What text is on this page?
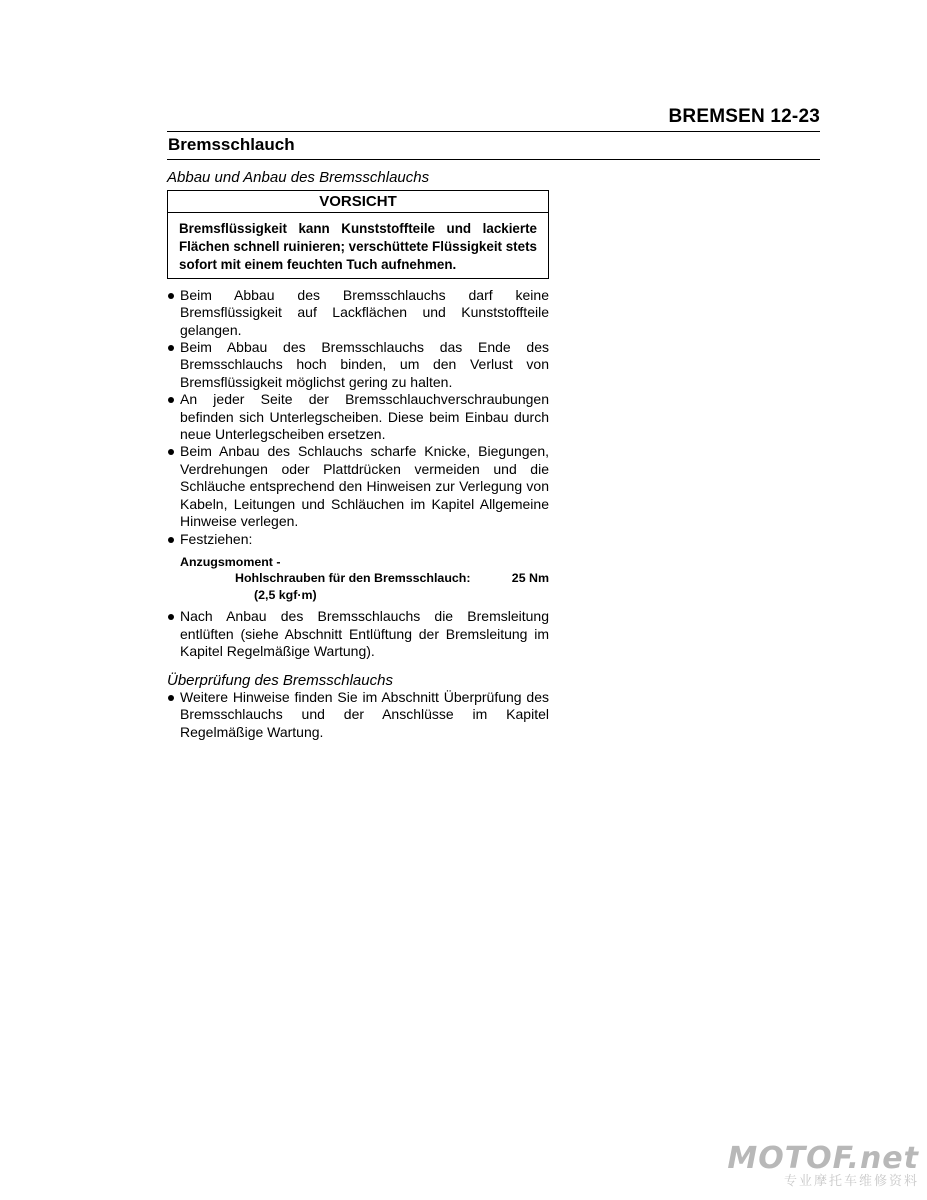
BREMSEN 12-23
Bremsschlauch
Abbau und Anbau des Bremsschlauchs
VORSICHT
Bremsflüssigkeit kann Kunststoffteile und lackierte Flächen schnell ruinieren; verschüttete Flüssigkeit stets sofort mit einem feuchten Tuch aufnehmen.
Beim Abbau des Bremsschlauchs darf keine Bremsflüssigkeit auf Lackflächen und Kunststoffteile gelangen.
Beim Abbau des Bremsschlauchs das Ende des Bremsschlauchs hoch binden, um den Verlust von Bremsflüssigkeit möglichst gering zu halten.
An jeder Seite der Bremsschlauchverschraubungen befinden sich Unterlegscheiben. Diese beim Einbau durch neue Unterlegscheiben ersetzen.
Beim Anbau des Schlauchs scharfe Knicke, Biegungen, Verdrehungen oder Plattdrücken vermeiden und die Schläuche entsprechend den Hinweisen zur Verlegung von Kabeln, Leitungen und Schläuchen im Kapitel Allgemeine Hinweise verlegen.
Festziehen:
Anzugsmoment -
Hohlschrauben für den Bremsschlauch:	25 Nm
(2,5 kgf·m)
Nach Anbau des Bremsschlauchs die Bremsleitung entlüften (siehe Abschnitt Entlüftung der Bremsleitung im Kapitel Regelmäßige Wartung).
Überprüfung des Bremsschlauchs
Weitere Hinweise finden Sie im Abschnitt Überprüfung des Bremsschlauchs und der Anschlüsse im Kapitel Regelmäßige Wartung.
MOTOF.net
专业摩托车维修资料
